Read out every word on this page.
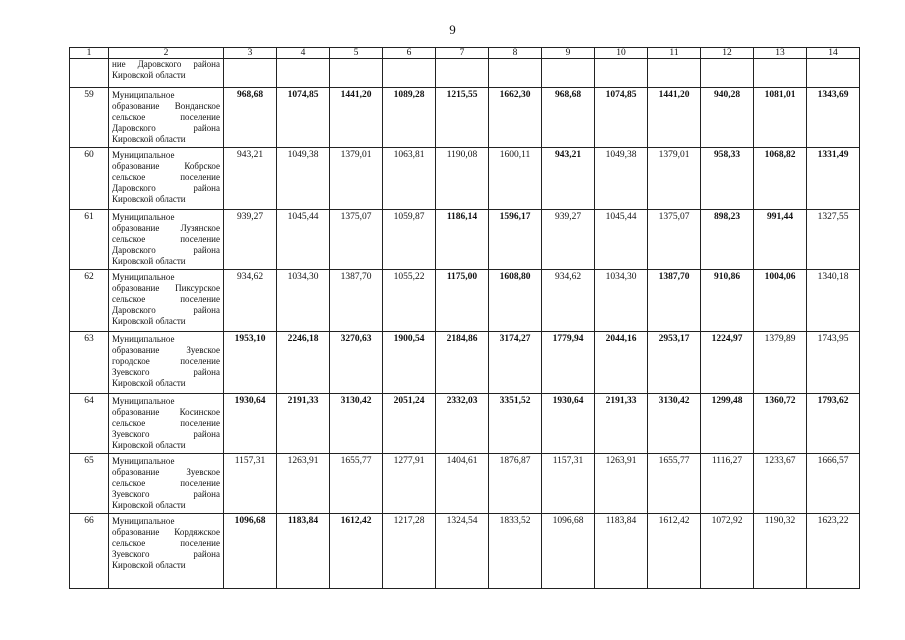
9
1	2	3	4	5	6	7	8	9	10	11	12	13	14
	ние Даровского района Кировской области												
59	Муниципальное образование Вонданское сельское поселение Даровского района Кировской области	968,68	1074,85	1441,20	1089,28	1215,55	1662,30	968,68	1074,85	1441,20	940,28	1081,01	1343,69
60	Муниципальное образование Кобрское сельское поселение Даровского района Кировской области	943,21	1049,38	1379,01	1063,81	1190,08	1600,11	943,21	1049,38	1379,01	958,33	1068,82	1331,49
61	Муниципальное образование Лузянское сельское поселение Даровского района Кировской области	939,27	1045,44	1375,07	1059,87	1186,14	1596,17	939,27	1045,44	1375,07	898,23	991,44	1327,55
62	Муниципальное образование Пиксурское сельское поселение Даровского района Кировской области	934,62	1034,30	1387,70	1055,22	1175,00	1608,80	934,62	1034,30	1387,70	910,86	1004,06	1340,18
63	Муниципальное образование Зуевское городское поселение Зуевского района Кировской области	1953,10	2246,18	3270,63	1900,54	2184,86	3174,27	1779,94	2044,16	2953,17	1224,97	1379,89	1743,95
64	Муниципальное образование Косинское сельское поселение Зуевского района Кировской области	1930,64	2191,33	3130,42	2051,24	2332,03	3351,52	1930,64	2191,33	3130,42	1299,48	1360,72	1793,62
65	Муниципальное образование Зуевское сельское поселение Зуевского района Кировской области	1157,31	1263,91	1655,77	1277,91	1404,61	1876,87	1157,31	1263,91	1655,77	1116,27	1233,67	1666,57
66	Муниципальное образование Кордяжское сельское поселение Зуевского района Кировской области	1096,68	1183,84	1612,42	1217,28	1324,54	1833,52	1096,68	1183,84	1612,42	1072,92	1190,32	1623,22
